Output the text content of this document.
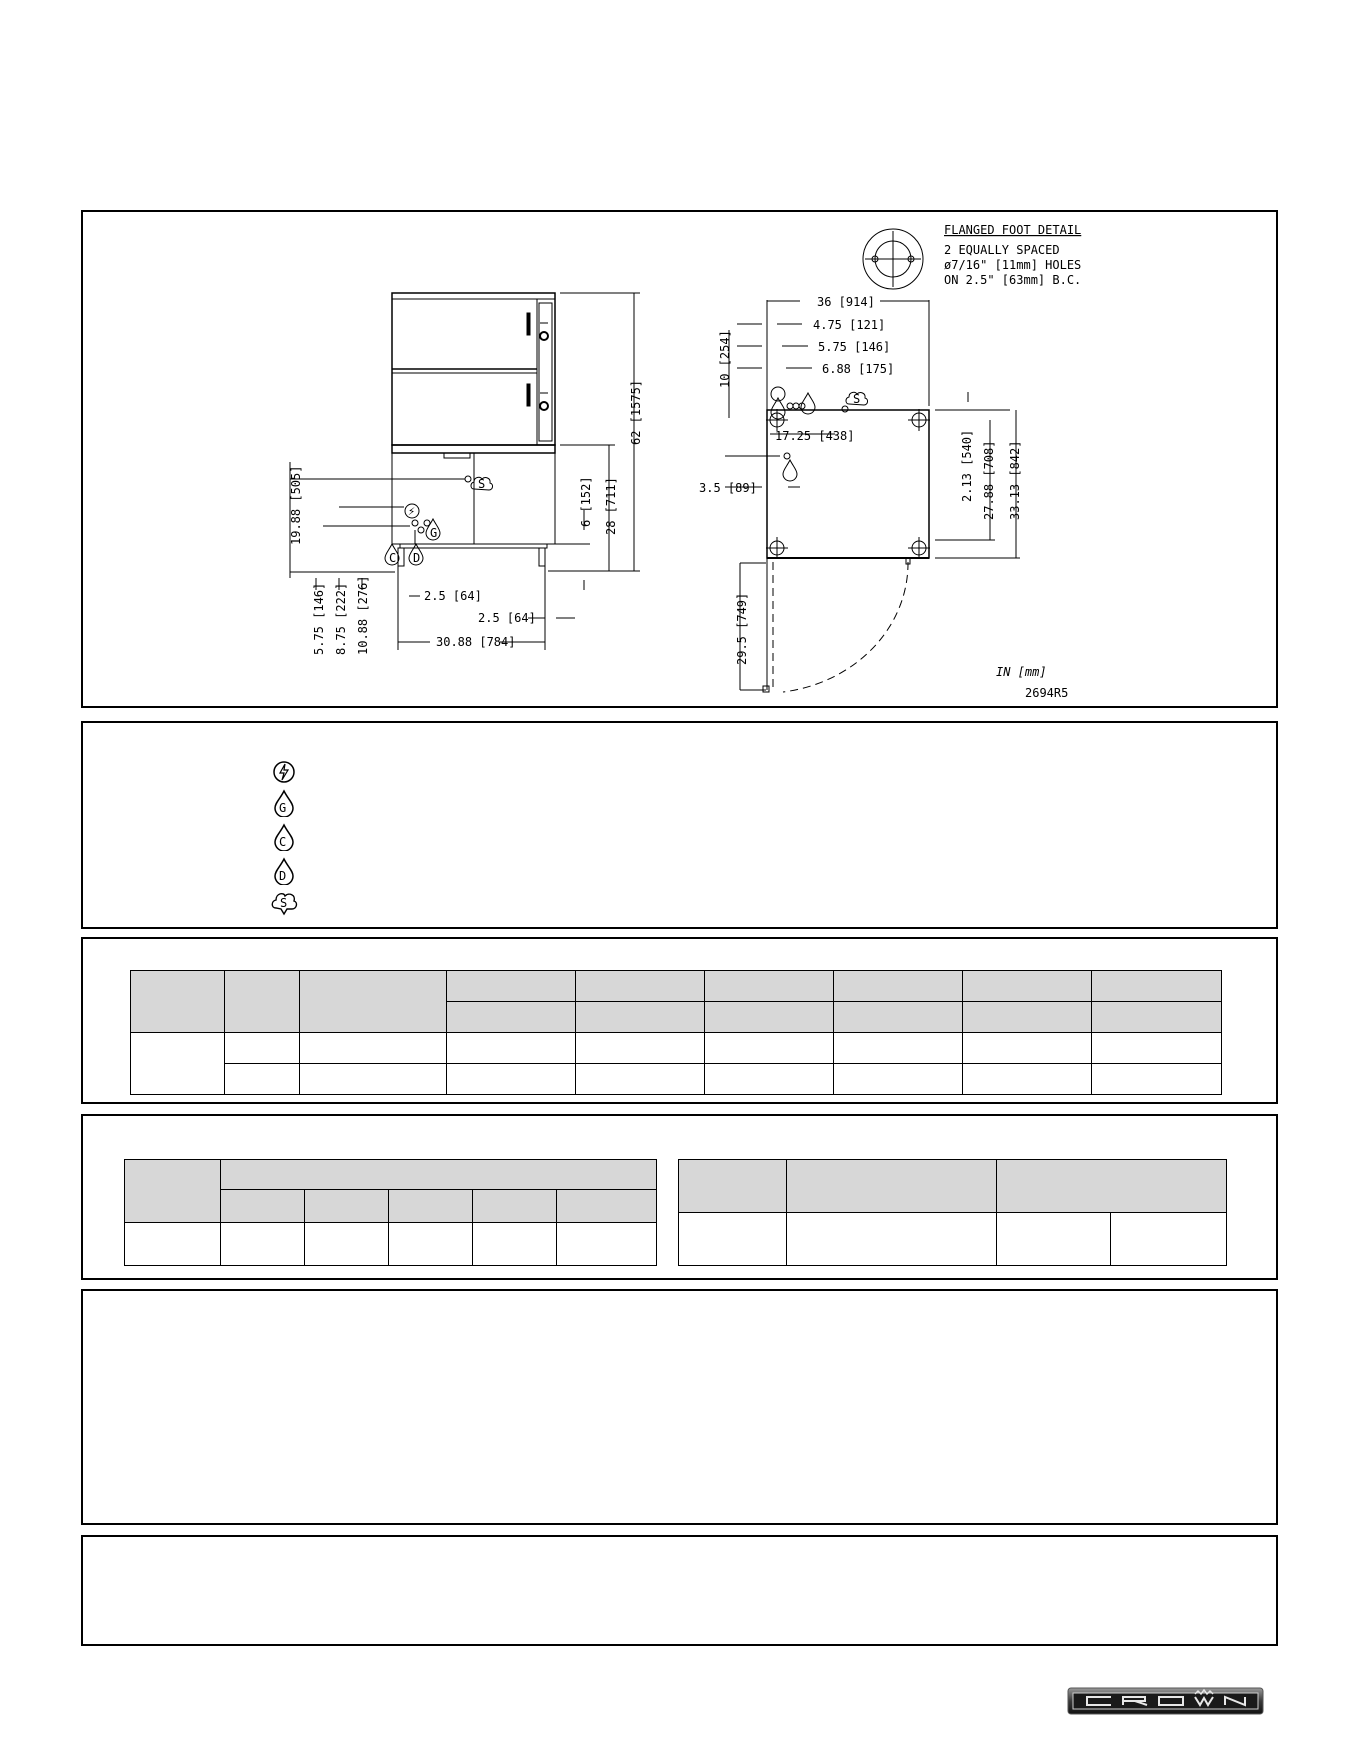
S
⚡
G
C D
62 [1575]
28 [711]
6 [152]
19.88 [505]
5.75 [146] 8.75 [222] 10.88 [276]	2.5 [64]
2.5 [64]
30.88 [784]
S
36 [914]
4.75 [121]
5.75 [146]
6.88 [175]
10 [254]
17.25 [438]
3.5 [89]	2.13 [540] 27.88 [708] 33.13 [842]
29.5 [749]
FLANGED FOOT DETAIL
2 EQUALLY SPACED
ø7/16" [11mm] HOLES
ON 2.5" [63mm] B.C.
IN [mm]
2694R5
G
C
D
S
